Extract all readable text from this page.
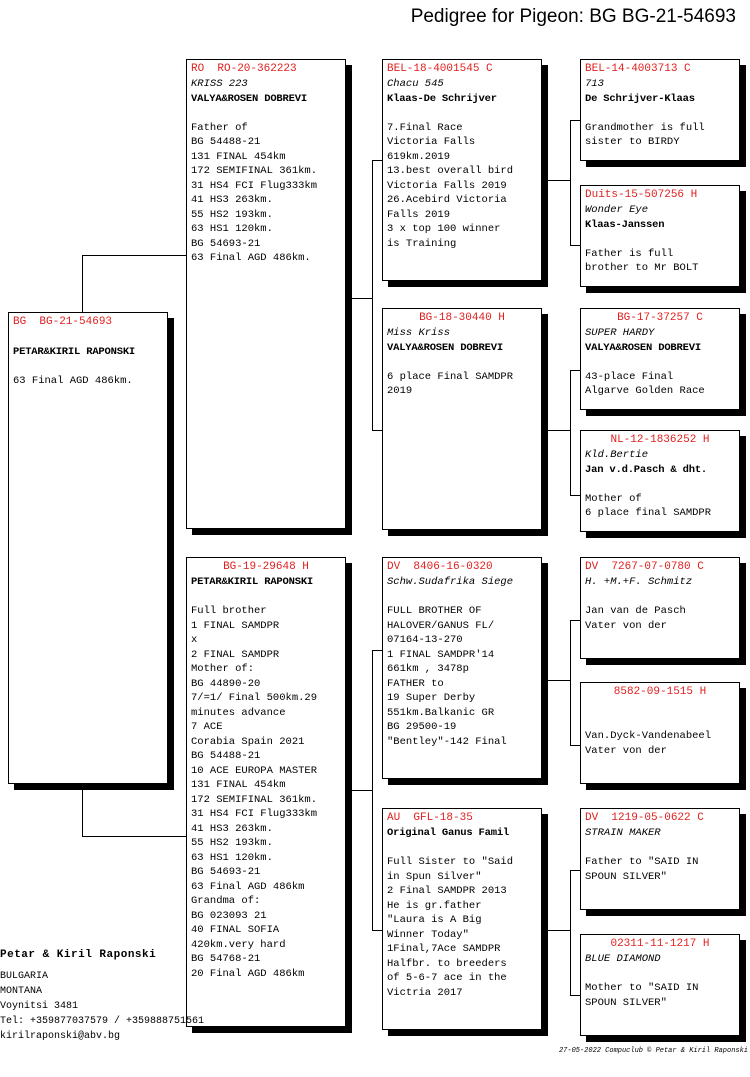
Pedigree for Pigeon: BG BG-21-54693
BG  BG-21-54693
PETAR&KIRIL RAPONSKI
63 Final AGD 486km.
RO  RO-20-362223
KRISS 223
VALYA&ROSEN DOBREVI
Father of
BG 54488-21
131 FINAL 454km
172 SEMIFINAL 361km.
31 HS4 FCI Flug333km
41 HS3 263km.
55 HS2 193km.
63 HS1 120km.
BG 54693-21
63 Final AGD 486km.
BG-19-29648 H
PETAR&KIRIL RAPONSKI
Full brother
1 FINAL SAMDPR
x
2 FINAL SAMDPR
Mother of:
BG 44890-20
7/=1/ Final 500km.29
minutes advance
7 ACE
Corabia Spain 2021
BG 54488-21
10 ACE EUROPA MASTER
131 FINAL 454km
172 SEMIFINAL 361km.
31 HS4 FCI Flug333km
41 HS3 263km.
55 HS2 193km.
63 HS1 120km.
BG 54693-21
63 Final AGD 486km
Grandma of:
BG 023093 21
40 FINAL SOFIA
420km.very hard
BG 54768-21
20 Final AGD 486km
BEL-18-4001545 C
Chacu 545
Klaas-De Schrijver
7.Final Race
Victoria Falls
619km.2019
13.best overall bird
Victoria Falls 2019
26.Acebird Victoria
Falls 2019
3 x top 100 winner
is Training
BG-18-30440 H
Miss Kriss
VALYA&ROSEN DOBREVI
6 place Final SAMDPR
2019
DV  8406-16-0320
Schw.Sudafrika Siege
FULL BROTHER OF
HALOVER/GANUS FL/
07164-13-270
1 FINAL SAMDPR'14
661km , 3478p
FATHER to
19 Super Derby
551km.Balkanic GR
BG 29500-19
"Bentley"-142 Final
AU  GFL-18-35
Original Ganus Famil
Full Sister to "Said
in Spun Silver"
2 Final SAMDPR 2013
He is gr.father
"Laura is A Big
Winner Today"
1Final,7Ace SAMDPR
Halfbr. to breeders
of 5-6-7 ace in the
Victria 2017
BEL-14-4003713 C
713
De Schrijver-Klaas
Grandmother is full
sister to BIRDY
Duits-15-507256 H
Wonder Eye
Klaas-Janssen
Father is full
brother to Mr BOLT
BG-17-37257 C
SUPER HARDY
VALYA&ROSEN DOBREVI
43-place Final
Algarve Golden Race
NL-12-1836252 H
Kld.Bertie
Jan v.d.Pasch & dht.
Mother of
6 place final SAMDPR
DV  7267-07-0780 C
H. +M.+F. Schmitz
Jan van de Pasch
Vater von der
8582-09-1515 H
Van.Dyck-Vandenabeel
Vater von der
DV  1219-05-0622 C
STRAIN MAKER
Father to "SAID IN
SPOUN SILVER"
02311-11-1217 H
BLUE DIAMOND
Mother to "SAID IN
SPOUN SILVER"
Petar & Kiril Raponski
BULGARIA
MONTANA
Voynitsi 3481
Tel: +359877037579 / +359888751561
kirilraponski@abv.bg
27-05-2022 Compuclub © Petar & Kiril Raponski
